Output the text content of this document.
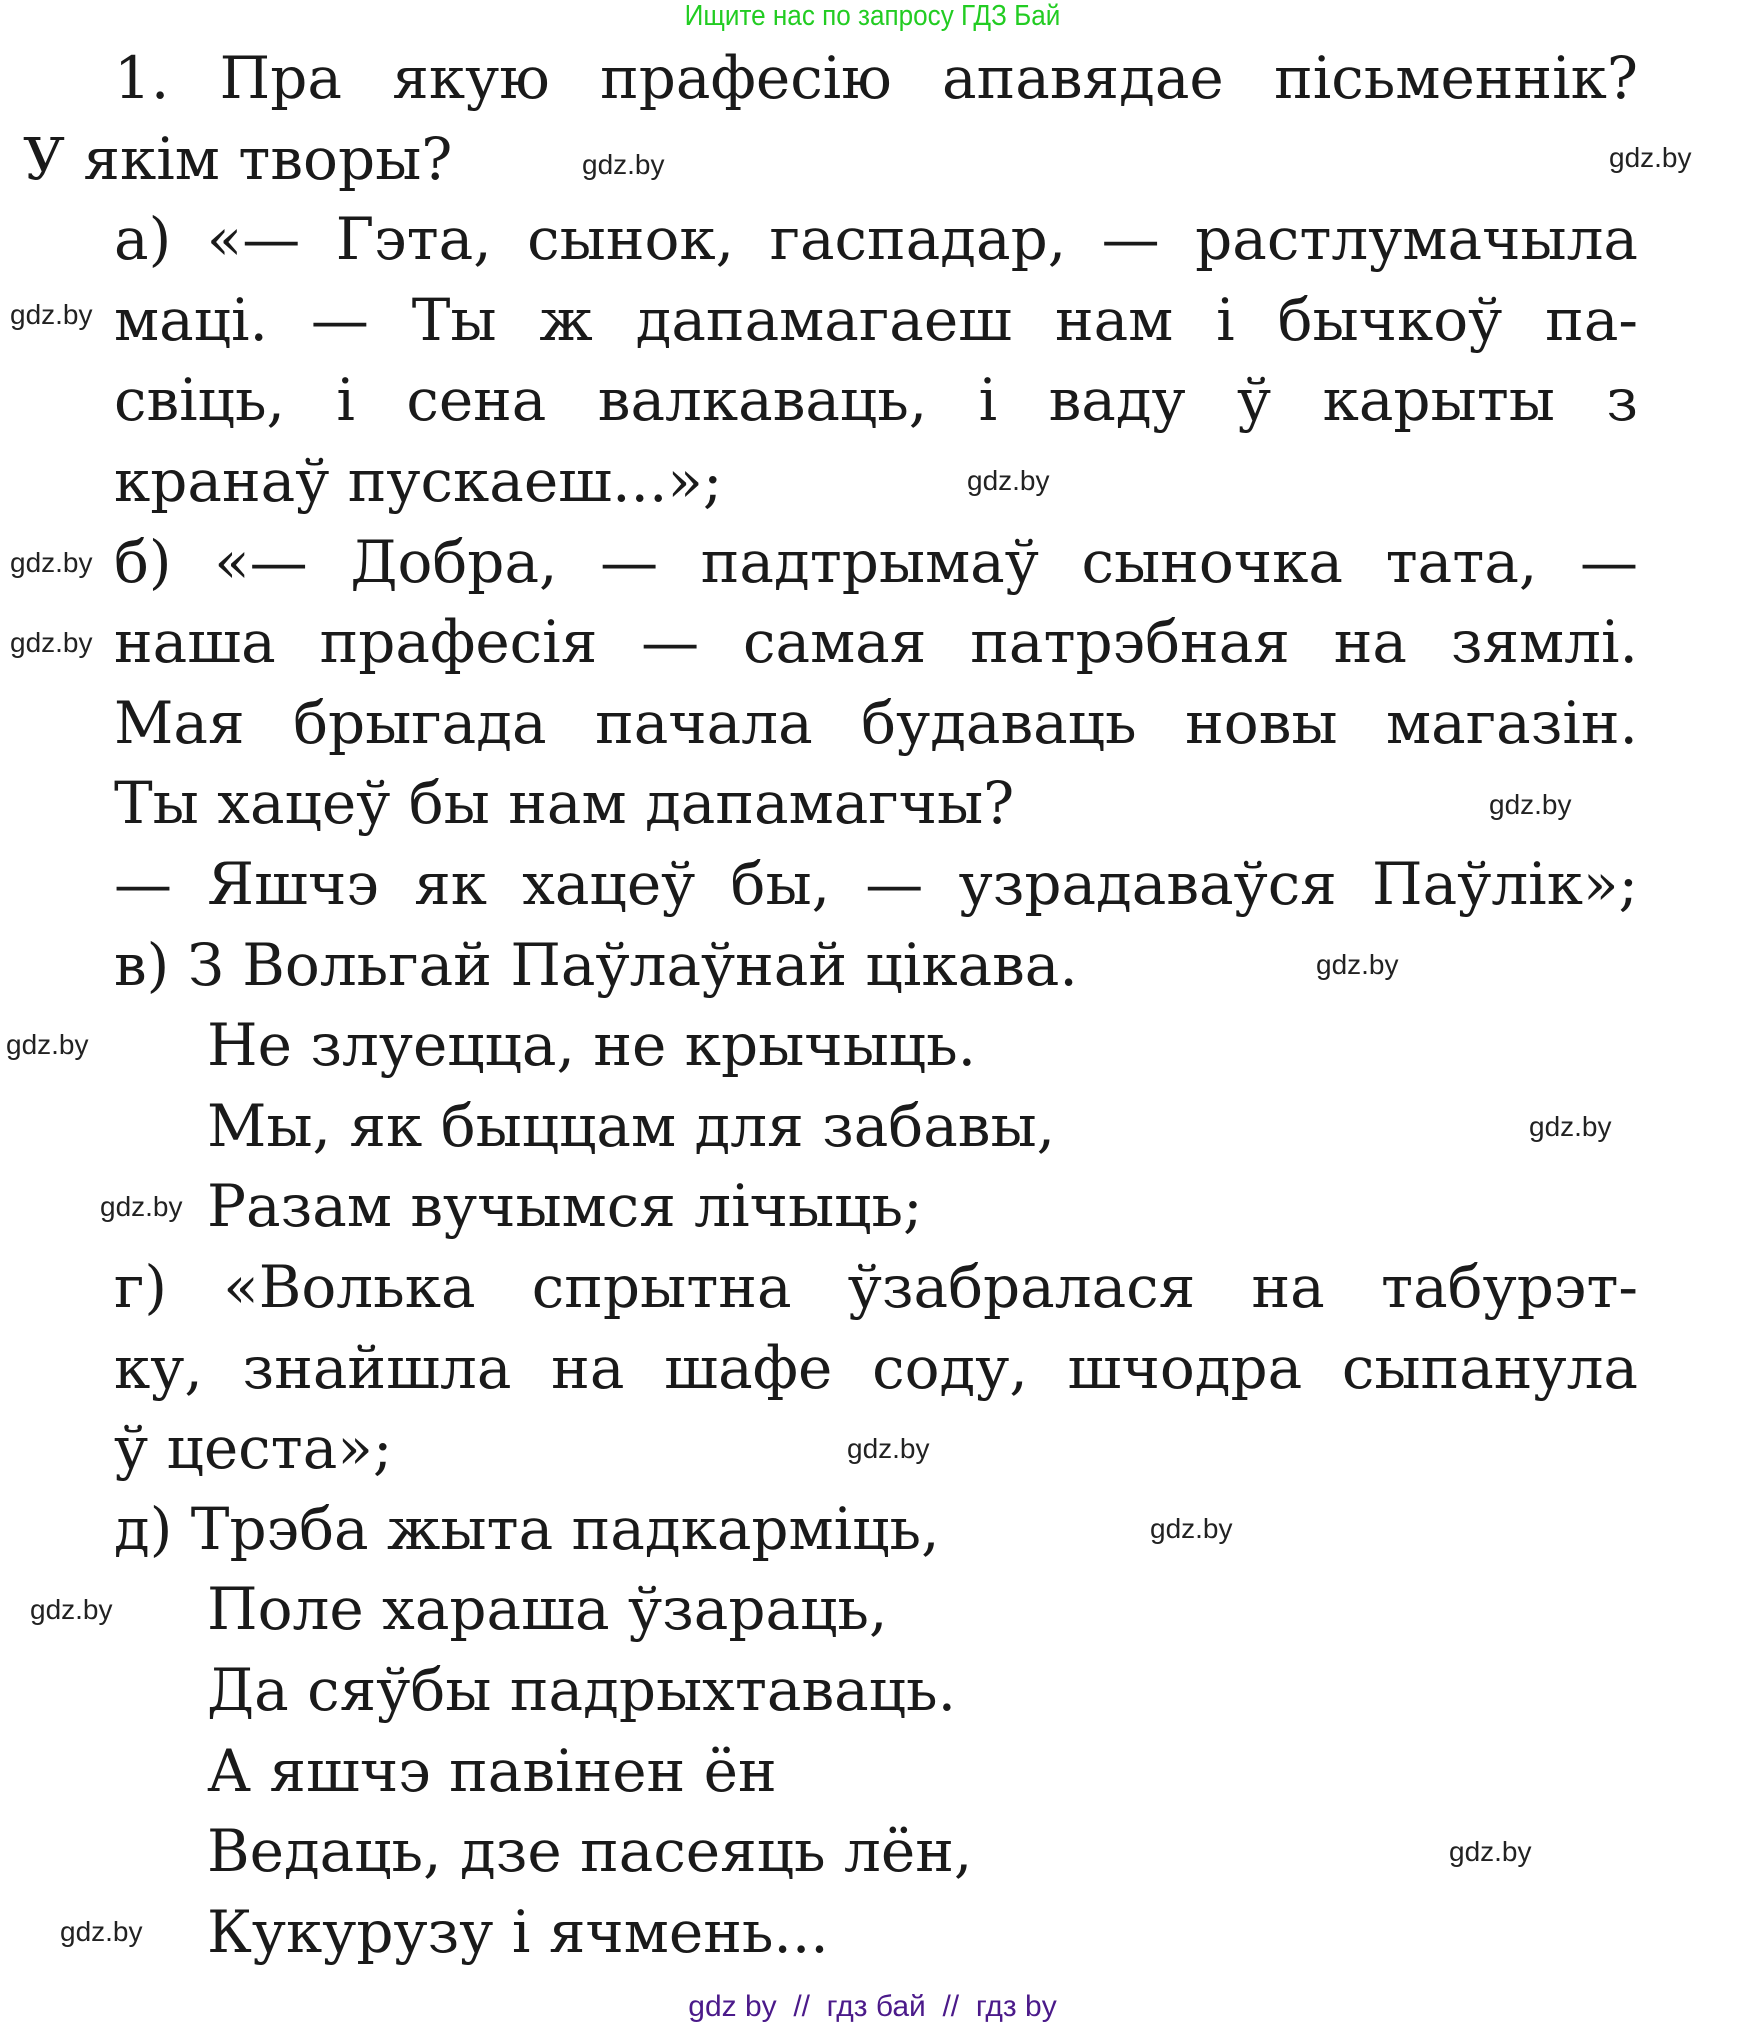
Ищите нас по запросу ГДЗ Бай
1. Пра якую прафесію апавядае пісьменнік?
У якім творы?
а) «— Гэта, сынок, гаспадар, — растлумачыла
маці. — Ты ж дапамагаеш нам і бычкоў па-
свіць, і сена валкаваць, і ваду ў карыты з
кранаў пускаеш...»;
б) «— Добра, — падтрымаў сыночка тата, —
наша прафесія — самая патрэбная на зямлі.
Мая брыгада пачала будаваць новы магазін.
Ты хацеў бы нам дапамагчы?
— Яшчэ як хацеў бы, — узрадаваўся Паўлік»;
в) З Вольгай Паўлаўнай цікава.
Не злуецца, не крычыць.
Мы, як быццам для забавы,
Разам вучымся лічыць;
г) «Волька спрытна ўзабралася на табурэт-
ку, знайшла на шафе соду, шчодра сыпанула
ў цеста»;
д) Трэба жыта падкарміць,
Поле хараша ўзараць,
Да сяўбы падрыхтаваць.
А яшчэ павінен ён
Ведаць, дзе пасеяць лён,
Кукурузу і ячмень...
gdz.by
gdz.by
gdz.by
gdz.by
gdz.by
gdz.by
gdz.by
gdz.by
gdz.by
gdz.by
gdz.by
gdz.by
gdz.by
gdz.by
gdz.by
gdz.by
gdz by  //  гдз бай  //  гдз by
